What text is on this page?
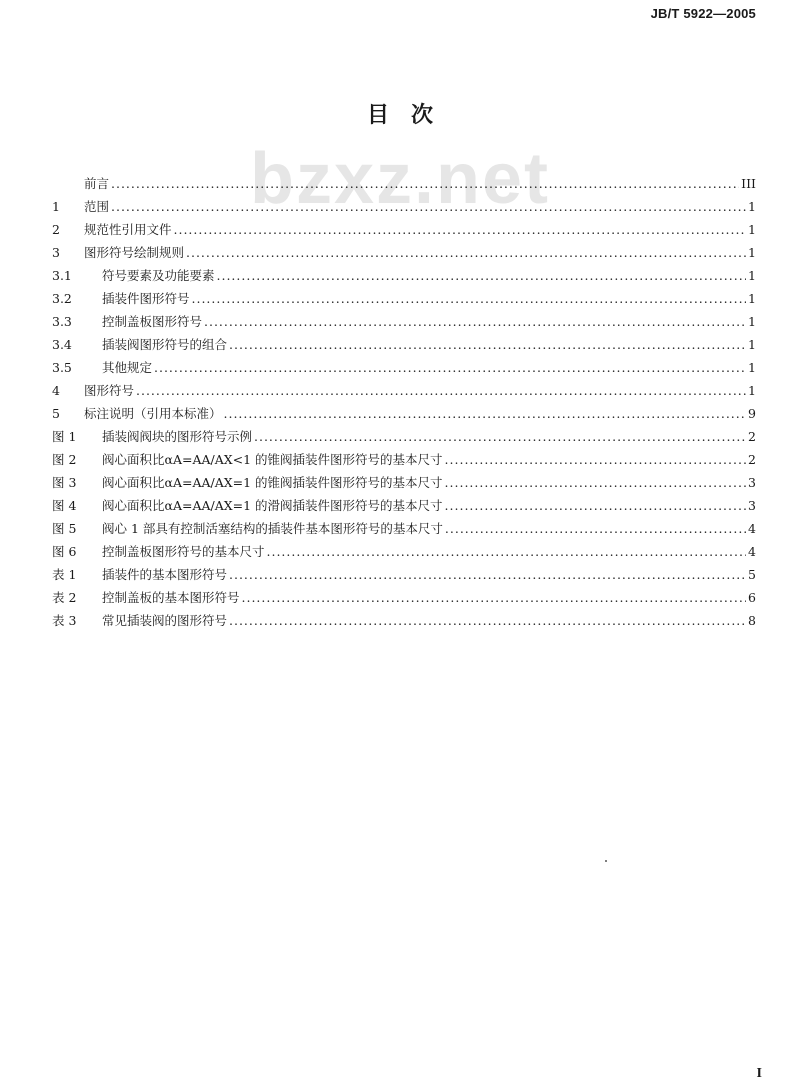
JB/T 5922—2005
bzxz.net
目　次
前言 .....	III
1	范围 .....	1
2	规范性引用文件 .....	1
3	图形符号绘制规则 .....	1
3.1	符号要素及功能要素 .....	1
3.2	插装件图形符号 .....	1
3.3	控制盖板图形符号 .....	1
3.4	插装阀图形符号的组合 .....	1
3.5	其他规定 .....	1
4	图形符号 .....	1
5	标注说明（引用本标准） .....	9
图 1	插装阀阀块的图形符号示例 .....	2
图 2	阀心面积比αA=AA/AX<1 的锥阀插装件图形符号的基本尺寸 .....	2
图 3	阀心面积比αA=AA/AX=1 的锥阀插装件图形符号的基本尺寸 .....	3
图 4	阀心面积比αA=AA/AX=1 的滑阀插装件图形符号的基本尺寸 .....	3
图 5	阀心 1 部具有控制活塞结构的插装件基本图形符号的基本尺寸 .....	4
图 6	控制盖板图形符号的基本尺寸 .....	4
表 1	插装件的基本图形符号 .....	5
表 2	控制盖板的基本图形符号 .....	6
表 3	常见插装阀的图形符号 .....	8
I
